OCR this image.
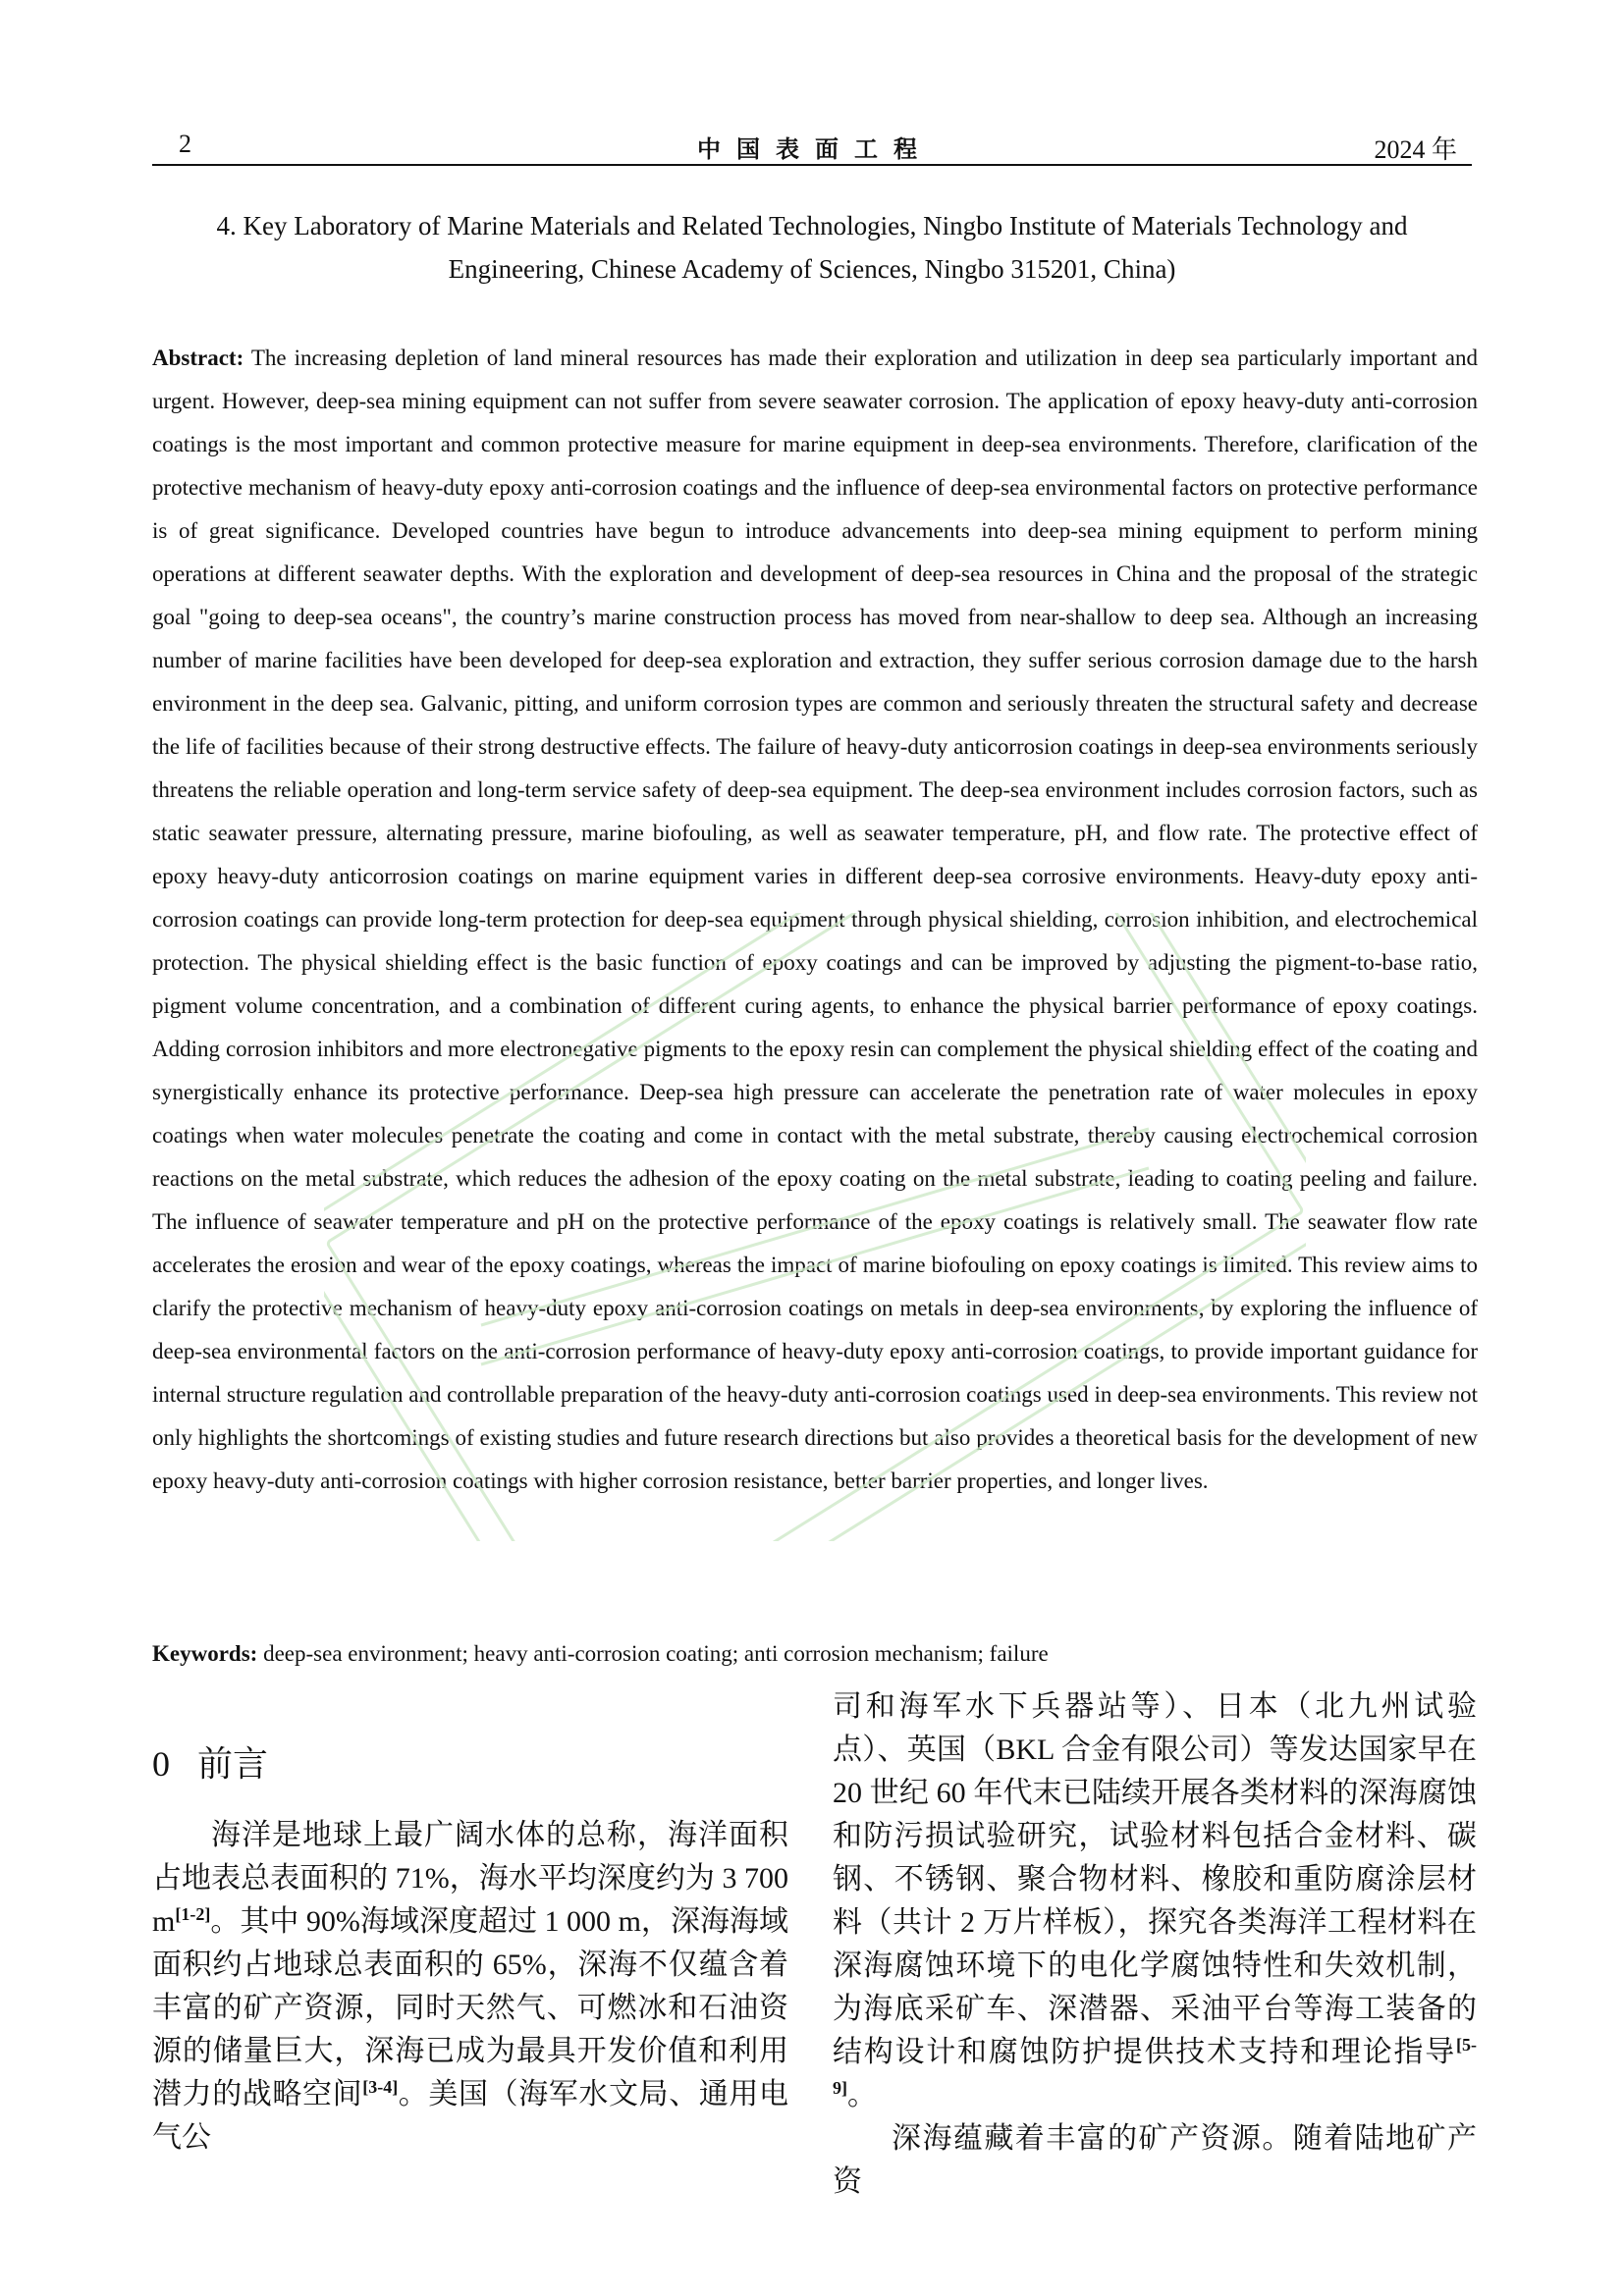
2	中国表面工程	2024 年
4. Key Laboratory of Marine Materials and Related Technologies, Ningbo Institute of Materials Technology and Engineering, Chinese Academy of Sciences, Ningbo 315201, China)

Abstract: The increasing depletion of land mineral resources has made their exploration and utilization in deep sea particularly important and urgent. However, deep-sea mining equipment can not suffer from severe seawater corrosion. The application of epoxy heavy-duty anti-corrosion coatings is the most important and common protective measure for marine equipment in deep-sea environments. Therefore, clarification of the protective mechanism of heavy-duty epoxy anti-corrosion coatings and the influence of deep-sea environmental factors on protective performance is of great significance. Developed countries have begun to introduce advancements into deep-sea mining equipment to perform mining operations at different seawater depths. With the exploration and development of deep-sea resources in China and the proposal of the strategic goal "going to deep-sea oceans", the country’s marine construction process has moved from near-shallow to deep sea. Although an increasing number of marine facilities have been developed for deep-sea exploration and extraction, they suffer serious corrosion damage due to the harsh environment in the deep sea. Galvanic, pitting, and uniform corrosion types are common and seriously threaten the structural safety and decrease the life of facilities because of their strong destructive effects. The failure of heavy-duty anticorrosion coatings in deep-sea environments seriously threatens the reliable operation and long-term service safety of deep-sea equipment. The deep-sea environment includes corrosion factors, such as static seawater pressure, alternating pressure, marine biofouling, as well as seawater temperature, pH, and flow rate. The protective effect of epoxy heavy-duty anticorrosion coatings on marine equipment varies in different deep-sea corrosive environments. Heavy-duty epoxy anti-corrosion coatings can provide long-term protection for deep-sea equipment through physical shielding, corrosion inhibition, and electrochemical protection. The physical shielding effect is the basic function of epoxy coatings and can be improved by adjusting the pigment-to-base ratio, pigment volume concentration, and a combination of different curing agents, to enhance the physical barrier performance of epoxy coatings. Adding corrosion inhibitors and more electronegative pigments to the epoxy resin can complement the physical shielding effect of the coating and synergistically enhance its protective performance. Deep-sea high pressure can accelerate the penetration rate of water molecules in epoxy coatings when water molecules penetrate the coating and come in contact with the metal substrate, thereby causing electrochemical corrosion reactions on the metal substrate, which reduces the adhesion of the epoxy coating on the metal substrate, leading to coating peeling and failure. The influence of seawater temperature and pH on the protective performance of the epoxy coatings is relatively small. The seawater flow rate accelerates the erosion and wear of the epoxy coatings, whereas the impact of marine biofouling on epoxy coatings is limited. This review aims to clarify the protective mechanism of heavy-duty epoxy anti-corrosion coatings on metals in deep-sea environments, by exploring the influence of deep-sea environmental factors on the anti-corrosion performance of heavy-duty epoxy anti-corrosion coatings, to provide important guidance for internal structure regulation and controllable preparation of the heavy-duty anti-corrosion coatings used in deep-sea environments. This review not only highlights the shortcomings of existing studies and future research directions but also provides a theoretical basis for the development of new epoxy heavy-duty anti-corrosion coatings with higher corrosion resistance, better barrier properties, and longer lives.

Keywords: deep-sea environment; heavy anti-corrosion coating; anti corrosion mechanism; failure

0 前言

海洋是地球上最广阔水体的总称，海洋面积占地表总表面积的 71%，海水平均深度约为 3 700 m[1-2]。其中 90%海域深度超过 1 000 m，深海海域面积约占地球总表面积的 65%，深海不仅蕴含着丰富的矿产资源，同时天然气、可燃冰和石油资源的储量巨大，深海已成为最具开发价值和利用潜力的战略空间[3-4]。美国（海军水文局、通用电气公

司和海军水下兵器站等）、日本（北九州试验点）、英国（BKL 合金有限公司）等发达国家早在 20 世纪 60 年代末已陆续开展各类材料的深海腐蚀和防污损试验研究，试验材料包括合金材料、碳钢、不锈钢、聚合物材料、橡胶和重防腐涂层材料（共计 2 万片样板），探究各类海洋工程材料在深海腐蚀环境下的电化学腐蚀特性和失效机制，为海底采矿车、深潜器、采油平台等海工装备的结构设计和腐蚀防护提供技术支持和理论指导[5-9]。

深海蕴藏着丰富的矿产资源。随着陆地矿产资
